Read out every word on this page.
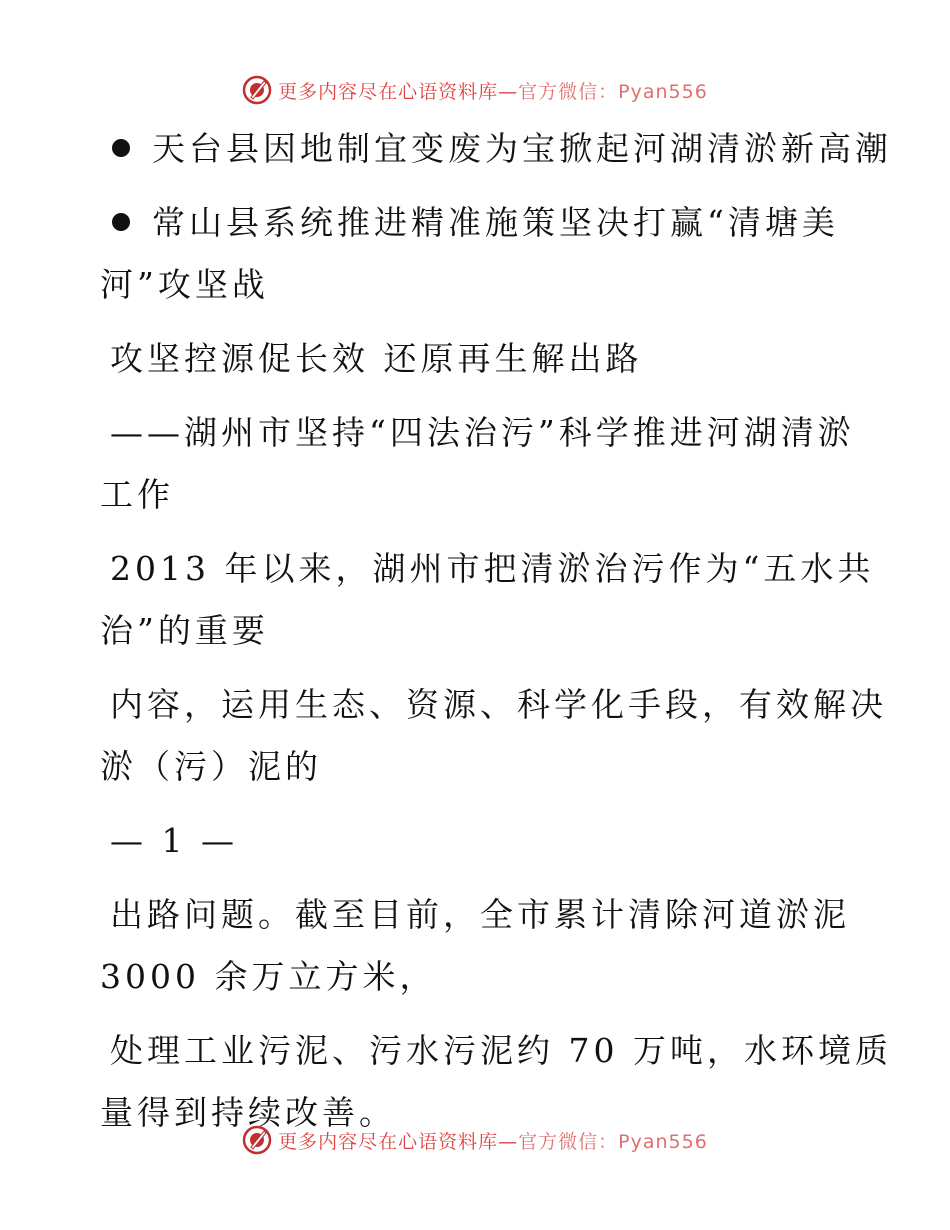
更多内容尽在心语资料库—官方微信：Pyan556
天台县因地制宜变废为宝掀起河湖清淤新高潮
常山县系统推进精准施策坚决打赢“清塘美
河”攻坚战
攻坚控源促长效 还原再生解出路
——湖州市坚持“四法治污”科学推进河湖清淤
工作
2013 年以来，湖州市把清淤治污作为“五水共
治”的重要
内容，运用生态、资源、科学化手段，有效解决
淤（污）泥的
— 1 —
出路问题。截至目前，全市累计清除河道淤泥
3000 余万立方米，
处理工业污泥、污水污泥约 70 万吨，水环境质
量得到持续改善。
更多内容尽在心语资料库—官方微信：Pyan556
